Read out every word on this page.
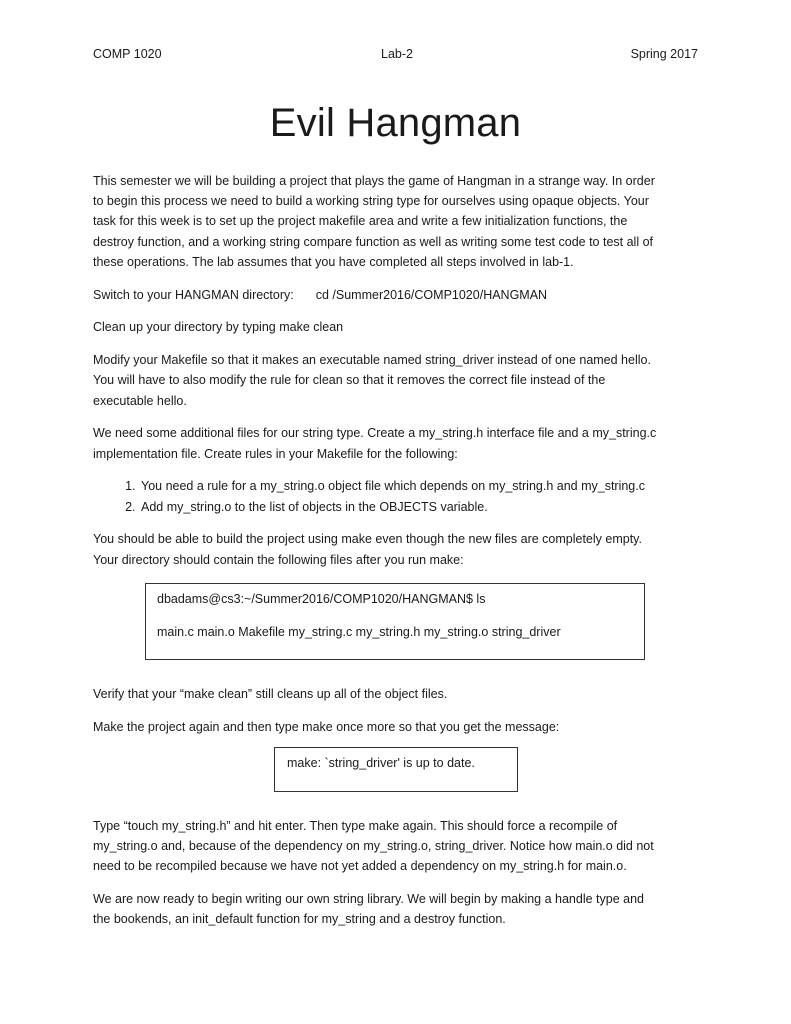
COMP 1020	Lab-2	Spring 2017
Evil Hangman

This semester we will be building a project that plays the game of Hangman in a strange way. In order
to begin this process we need to build a working string type for ourselves using opaque objects. Your
task for this week is to set up the project makefile area and write a few initialization functions, the
destroy function, and a working string compare function as well as writing some test code to test all of
these operations. The lab assumes that you have completed all steps involved in lab-1.

Switch to your HANGMAN directory: cd /Summer2016/COMP1020/HANGMAN

Clean up your directory by typing make clean

Modify your Makefile so that it makes an executable named string_driver instead of one named hello.
You will have to also modify the rule for clean so that it removes the correct file instead of the
executable hello.

We need some additional files for our string type. Create a my_string.h interface file and a my_string.c
implementation file. Create rules in your Makefile for the following:

1. You need a rule for a my_string.o object file which depends on my_string.h and my_string.c
2. Add my_string.o to the list of objects in the OBJECTS variable.

You should be able to build the project using make even though the new files are completely empty.
Your directory should contain the following files after you run make:

dbadams@cs3:~/Summer2016/COMP1020/HANGMAN$ ls
main.c main.o Makefile my_string.c my_string.h my_string.o string_driver

Verify that your “make clean” still cleans up all of the object files.

Make the project again and then type make once more so that you get the message:

make: `string_driver' is up to date.

Type “touch my_string.h” and hit enter. Then type make again. This should force a recompile of
my_string.o and, because of the dependency on my_string.o, string_driver. Notice how main.o did not
need to be recompiled because we have not yet added a dependency on my_string.h for main.o.

We are now ready to begin writing our own string library. We will begin by making a handle type and
the bookends, an init_default function for my_string and a destroy function.
